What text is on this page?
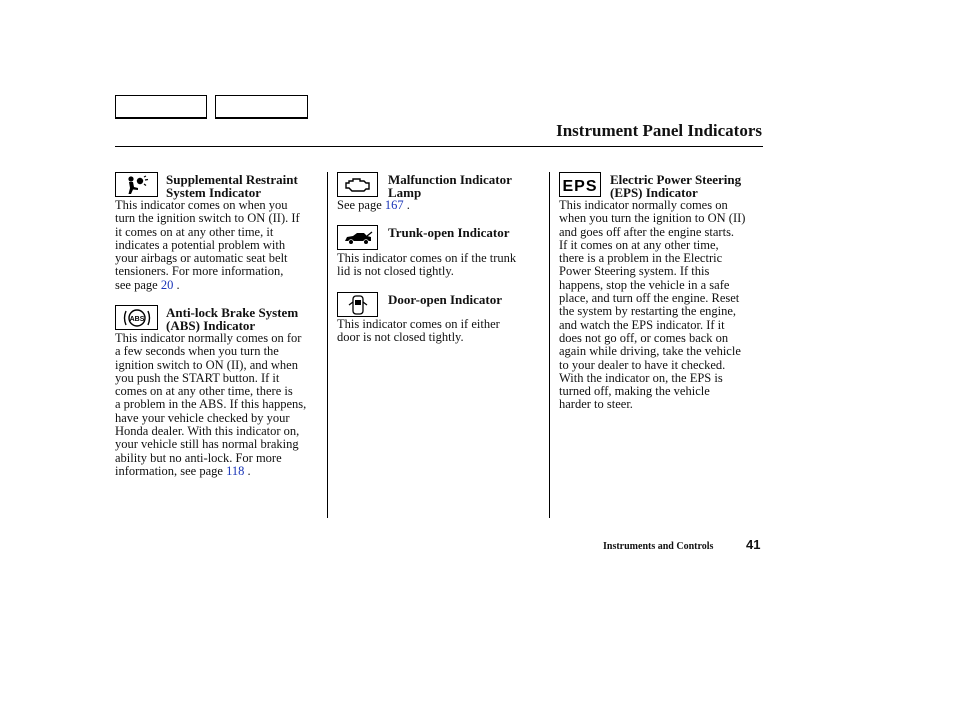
Instrument Panel Indicators
Supplemental Restraint
System Indicator
This indicator comes on when you
turn the ignition switch to ON (II). If
it comes on at any other time, it
indicates a potential problem with
your airbags or automatic seat belt
tensioners. For more information,
see page 20 .
ABS Anti-lock Brake System
(ABS) Indicator
This indicator normally comes on for
a few seconds when you turn the
ignition switch to ON (II), and when
you push the START button. If it
comes on at any other time, there is
a problem in the ABS. If this happens,
have your vehicle checked by your
Honda dealer. With this indicator on,
your vehicle still has normal braking
ability but no anti-lock. For more
information, see page 118 .
Malfunction Indicator
Lamp
See page 167 .
Trunk-open Indicator
This indicator comes on if the trunk
lid is not closed tightly.
Door-open Indicator
This indicator comes on if either
door is not closed tightly.
EPS Electric Power Steering
(EPS) Indicator
This indicator normally comes on
when you turn the ignition to ON (II)
and goes off after the engine starts.
If it comes on at any other time,
there is a problem in the Electric
Power Steering system. If this
happens, stop the vehicle in a safe
place, and turn off the engine. Reset
the system by restarting the engine,
and watch the EPS indicator. If it
does not go off, or comes back on
again while driving, take the vehicle
to your dealer to have it checked.
With the indicator on, the EPS is
turned off, making the vehicle
harder to steer.
Instruments and Controls	41
